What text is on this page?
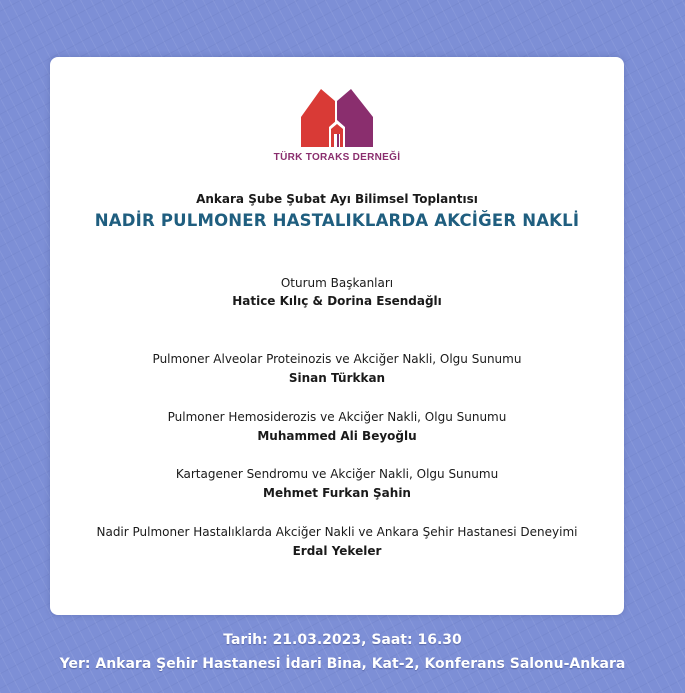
TÜRK TORAKS DERNEĞİ
Ankara Şube Şubat Ayı Bilimsel Toplantısı
NADİR PULMONER HASTALIKLARDA AKCİĞER NAKLİ
Oturum Başkanları
Hatice Kılıç & Dorina Esendağlı
Pulmoner Alveolar Proteinozis ve Akciğer Nakli, Olgu Sunumu
Sinan Türkkan
Pulmoner Hemosiderozis ve Akciğer Nakli, Olgu Sunumu
Muhammed Ali Beyoğlu
Kartagener Sendromu ve Akciğer Nakli, Olgu Sunumu
Mehmet Furkan Şahin
Nadir Pulmoner Hastalıklarda Akciğer Nakli ve Ankara Şehir Hastanesi Deneyimi
Erdal Yekeler
Tarih: 21.03.2023, Saat: 16.30
Yer: Ankara Şehir Hastanesi İdari Bina, Kat-2, Konferans Salonu-Ankara
